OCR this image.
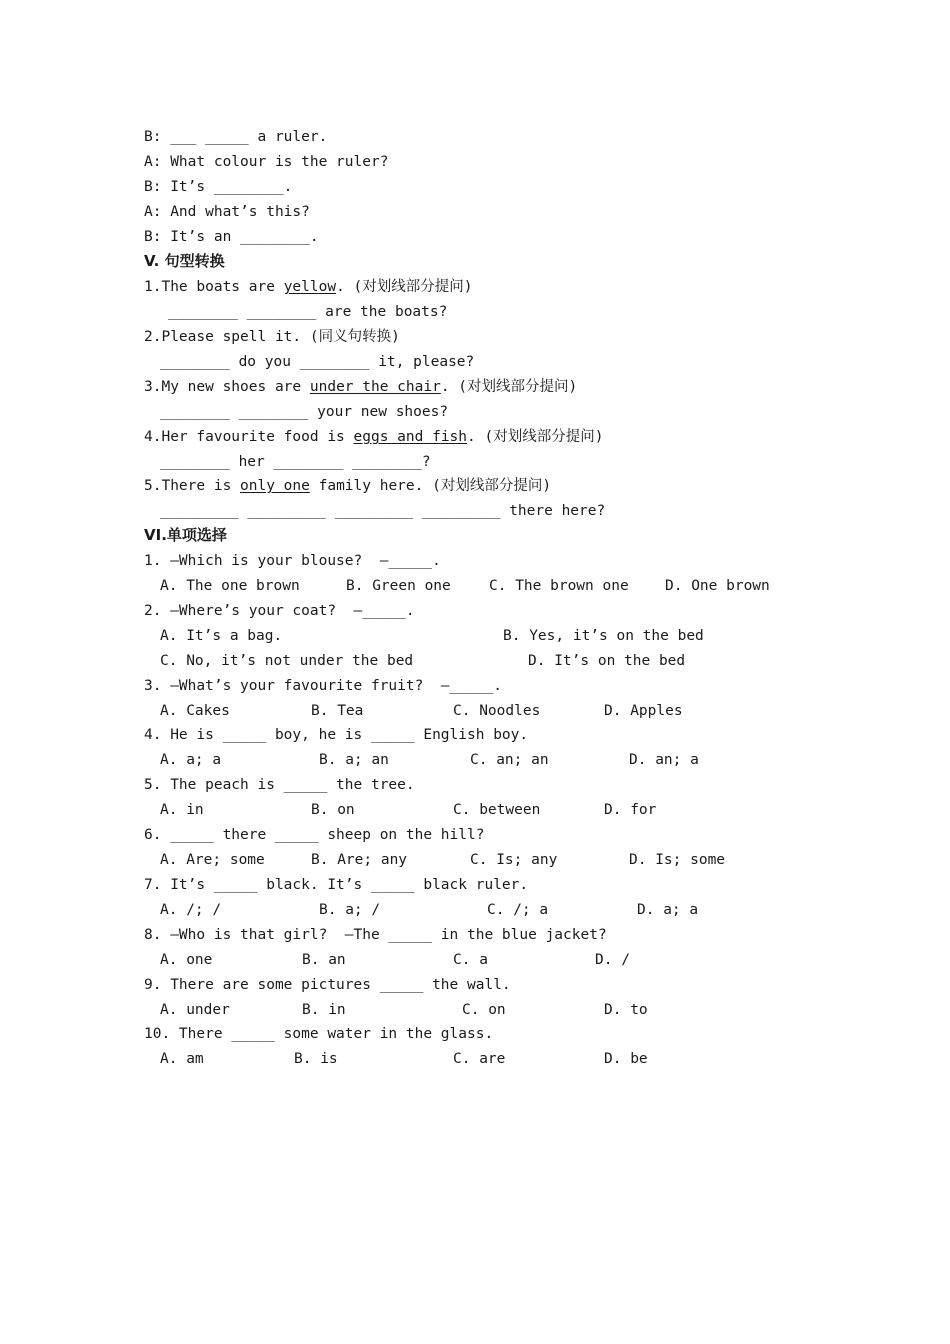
B: ___ _____ a ruler.
A: What colour is the ruler?
B: It’s ________.
A: And what’s this?
B: It’s an ________.
V. 句型转换
1.The boats are yellow. (对划线部分提问)
________ ________ are the boats?
2.Please spell it. (同义句转换)
________ do you ________ it, please?
3.My new shoes are under the chair. (对划线部分提问)
________ ________ your new shoes?
4.Her favourite food is eggs and fish. (对划线部分提问)
________ her ________ ________?
5.There is only one family here. (对划线部分提问)
_________ _________ _________ _________ there here?
VI.单项选择
1. —Which is your blouse?  —_____.
A. The one brown	B. Green one	C. The brown one	D. One brown
2. —Where’s your coat?  —_____.
A. It’s a bag.	B. Yes, it’s on the bed
C. No, it’s not under the bed	D. It’s on the bed
3. —What’s your favourite fruit?  —_____.
A. Cakes	B. Tea	C. Noodles	D. Apples
4. He is _____ boy, he is _____ English boy.
A. a; a	B. a; an	C. an; an	D. an; a
5. The peach is _____ the tree.
A. in	B. on	C. between	D. for
6. _____ there _____ sheep on the hill?
A. Are; some	B. Are; any	C. Is; any	D. Is; some
7. It’s _____ black. It’s _____ black ruler.
A. /; /	B. a; /	C. /; a	D. a; a
8. —Who is that girl?  —The _____ in the blue jacket?
A. one	B. an	C. a	D. /
9. There are some pictures _____ the wall.
A. under	B. in	C. on	D. to
10. There _____ some water in the glass.
A. am	B. is	C. are	D. be
